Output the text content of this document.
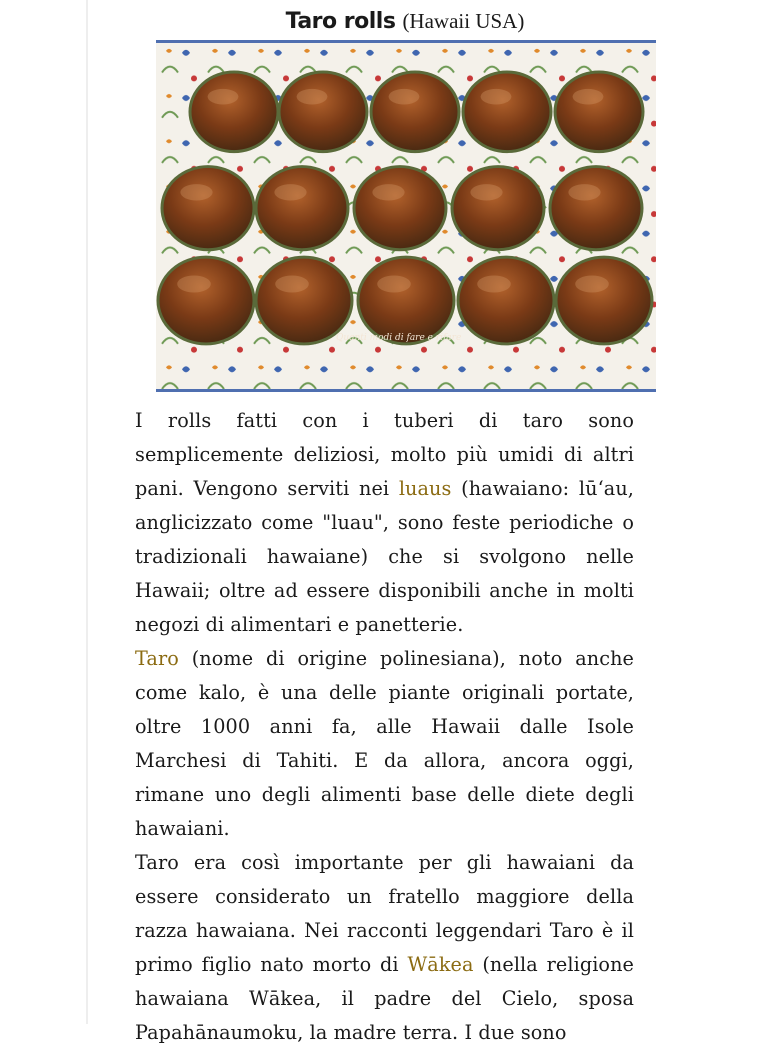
Taro rolls (Hawaii USA)
Quanti modi di fare e rifare

I rolls fatti con i tuberi di taro sono semplicemente deliziosi, molto più umidi di altri pani. Vengono serviti nei luaus (hawaiano: lūʻau, anglicizzato come "luau", sono feste periodiche o tradizionali hawaiane) che si svolgono nelle Hawaii; oltre ad essere disponibili anche in molti negozi di alimentari e panetterie.

Taro (nome di origine polinesiana), noto anche come kalo, è una delle piante originali portate, oltre 1000 anni fa, alle Hawaii dalle Isole Marchesi di Tahiti. E da allora, ancora oggi, rimane uno degli alimenti base delle diete degli hawaiani.

Taro era così importante per gli hawaiani da essere considerato un fratello maggiore della razza hawaiana. Nei racconti leggendari Taro è il primo figlio nato morto di Wākea (nella religione hawaiana Wākea, il padre del Cielo, sposa Papahānaumoku, la madre terra. I due sono
